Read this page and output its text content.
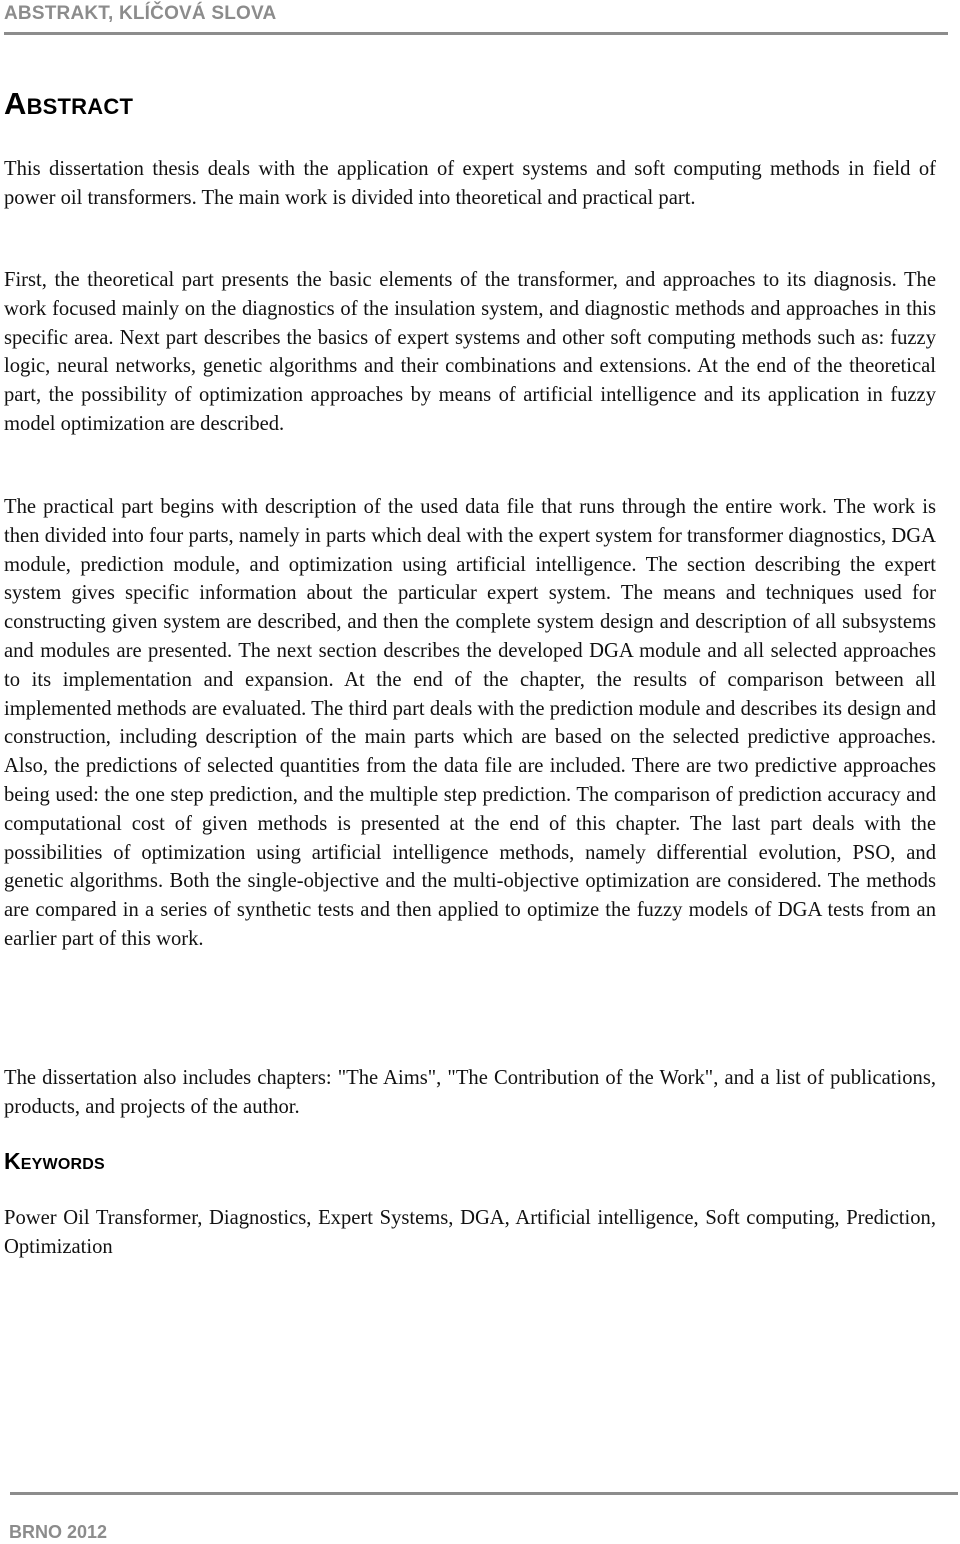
ABSTRAKT, KLÍČOVÁ SLOVA
Abstract

This dissertation thesis deals with the application of expert systems and soft computing methods in field of power oil transformers. The main work is divided into theoretical and practical part.

First, the theoretical part presents the basic elements of the transformer, and approaches to its diagnosis. The work focused mainly on the diagnostics of the insulation system, and diagnostic methods and approaches in this specific area. Next part describes the basics of expert systems and other soft computing methods such as: fuzzy logic, neural networks, genetic algorithms and their combinations and extensions. At the end of the theoretical part, the possibility of optimization approaches by means of artificial intelligence and its application in fuzzy model optimization are described.

The practical part begins with description of the used data file that runs through the entire work. The work is then divided into four parts, namely in parts which deal with the expert system for transformer diagnostics, DGA module, prediction module, and optimization using artificial intelligence. The section describing the expert system gives specific information about the particular expert system. The means and techniques used for constructing given system are described, and then the complete system design and description of all subsystems and modules are presented. The next section describes the developed DGA module and all selected approaches to its implementation and expansion. At the end of the chapter, the results of comparison between all implemented methods are evaluated. The third part deals with the prediction module and describes its design and construction, including description of the main parts which are based on the selected predictive approaches. Also, the predictions of selected quantities from the data file are included. There are two predictive approaches being used: the one step prediction, and the multiple step prediction. The comparison of prediction accuracy and computational cost of given methods is presented at the end of this chapter. The last part deals with the possibilities of optimization using artificial intelligence methods, namely differential evolution, PSO, and genetic algorithms. Both the single-objective and the multi-objective optimization are considered. The methods are compared in a series of synthetic tests and then applied to optimize the fuzzy models of DGA tests from an earlier part of this work.

The dissertation also includes chapters: "The Aims", "The Contribution of the Work", and a list of publications, products, and projects of the author.

Keywords

Power Oil Transformer, Diagnostics, Expert Systems, DGA, Artificial intelligence, Soft computing, Prediction, Optimization

BRNO 2012
